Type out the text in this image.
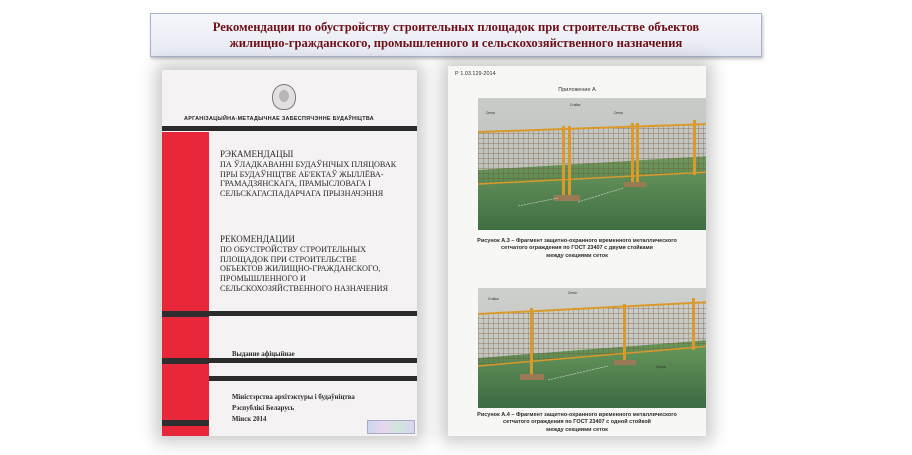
Рекомендации по обустройству строительных площадок при строительстве объектов
жилищно-гражданского, промышленного и сельскохозяйственного назначения
АРГАНІЗАЦЫЙНА-МЕТАДЫЧНАЕ ЗАБЕСПЯЧЭННЕ БУДАЎНІЦТВА
РЭКАМЕНДАЦЫІ
ПА ЎЛАДКАВАННІ БУДАЎНІЧЫХ ПЛЯЦОВАК
ПРЫ БУДАЎНІЦТВЕ АБ'ЕКТАЎ ЖЫЛЛЁВА-
ГРАМАДЗЯНСКАГА, ПРАМЫСЛОВАГА І
СЕЛЬСКАГАСПАДАРЧАГА ПРЫЗНАЧЭННЯ
РЕКОМЕНДАЦИИ
ПО ОБУСТРОЙСТВУ СТРОИТЕЛЬНЫХ
ПЛОЩАДОК ПРИ СТРОИТЕЛЬСТВЕ
ОБЪЕКТОВ ЖИЛИЩНО-ГРАЖДАНСКОГО,
ПРОМЫШЛЕННОГО И
СЕЛЬСКОХОЗЯЙСТВЕННОГО НАЗНАЧЕНИЯ
Выданне афіцыйнае
Міністэрства архітэктуры і будаўніцтва
Рэспублікі Беларусь
Мінск 2014
Р 1.03.129-2014
Приложение А
Сетка
Стойки
Сетка
Рисунок А.3 – Фрагмент защитно-охранного временного металлического
сетчатого ограждения по ГОСТ 23407 с двумя стойками
между секциями сеток
Стойка
Сетка
Опора
Рисунок А.4 – Фрагмент защитно-охранного временного металлического
сетчатого ограждения по ГОСТ 23407 с одной стойкой
между секциями сеток
